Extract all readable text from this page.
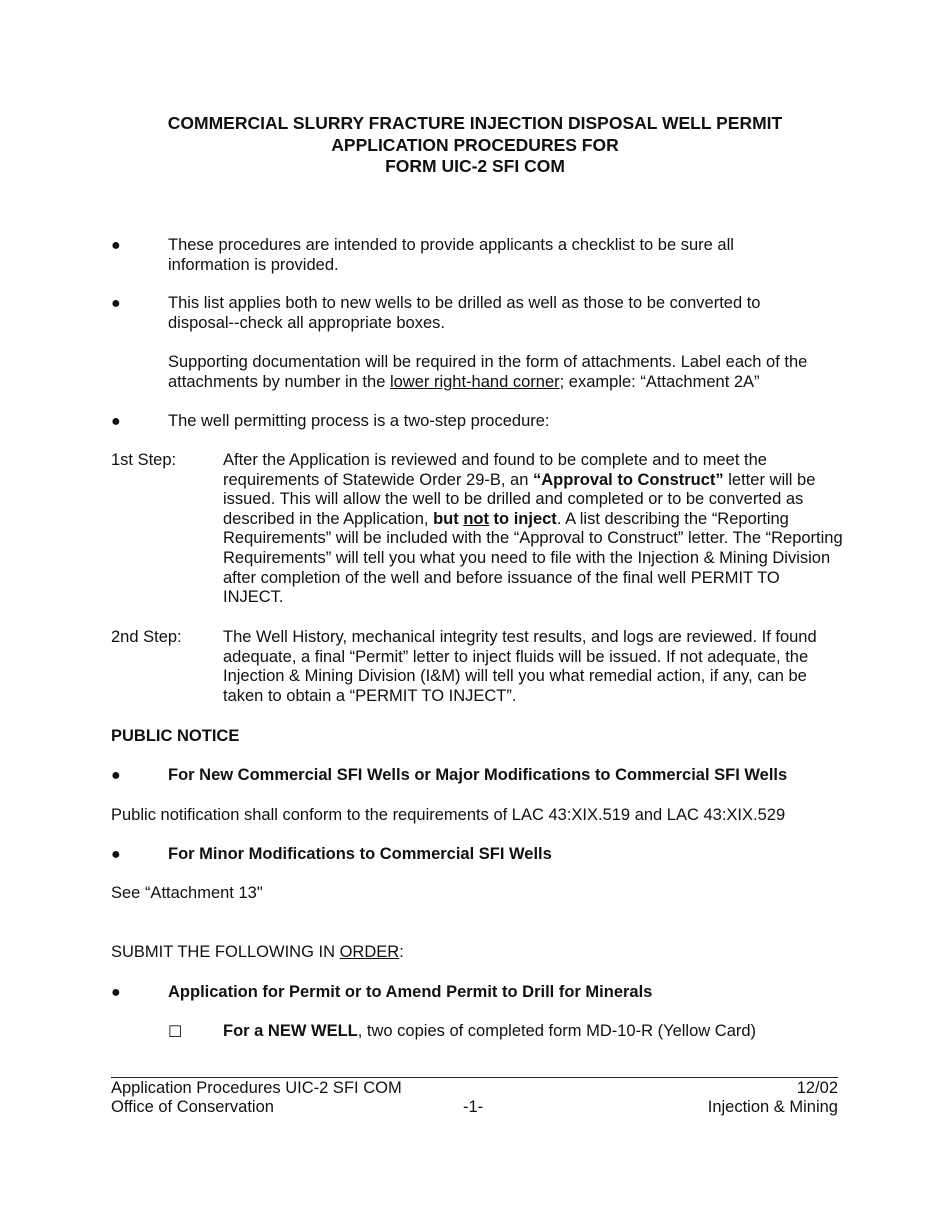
COMMERCIAL SLURRY FRACTURE INJECTION DISPOSAL WELL PERMIT
APPLICATION PROCEDURES FOR
FORM UIC-2 SFI COM
●	These procedures are intended to provide applicants a checklist to be sure all information is provided.
●	This list applies both to new wells to be drilled as well as those to be converted to disposal--check all appropriate boxes.
Supporting documentation will be required in the form of attachments. Label each of the attachments by number in the lower right-hand corner; example: “Attachment 2A”
●	The well permitting process is a two-step procedure:
1st Step:	After the Application is reviewed and found to be complete and to meet the requirements of Statewide Order 29-B, an “Approval to Construct” letter will be issued. This will allow the well to be drilled and completed or to be converted as described in the Application, but not to inject. A list describing the “Reporting Requirements” will be included with the “Approval to Construct” letter. The “Reporting Requirements” will tell you what you need to file with the Injection & Mining Division after completion of the well and before issuance of the final well PERMIT TO INJECT.
2nd Step:	The Well History, mechanical integrity test results, and logs are reviewed. If found adequate, a final “Permit” letter to inject fluids will be issued. If not adequate, the Injection & Mining Division (I&M) will tell you what remedial action, if any, can be taken to obtain a “PERMIT TO INJECT”.
PUBLIC NOTICE
●	For New Commercial SFI Wells or Major Modifications to Commercial SFI Wells
Public notification shall conform to the requirements of LAC 43:XIX.519 and LAC 43:XIX.529
●	For Minor Modifications to Commercial SFI Wells
See “Attachment 13"
SUBMIT THE FOLLOWING IN ORDER:
●	Application for Permit or to Amend Permit to Drill for Minerals
☐ For a NEW WELL, two copies of completed form MD-10-R (Yellow Card)
Application Procedures UIC-2 SFI COM
Office of Conservation	-1-
12/02
Injection & Mining
